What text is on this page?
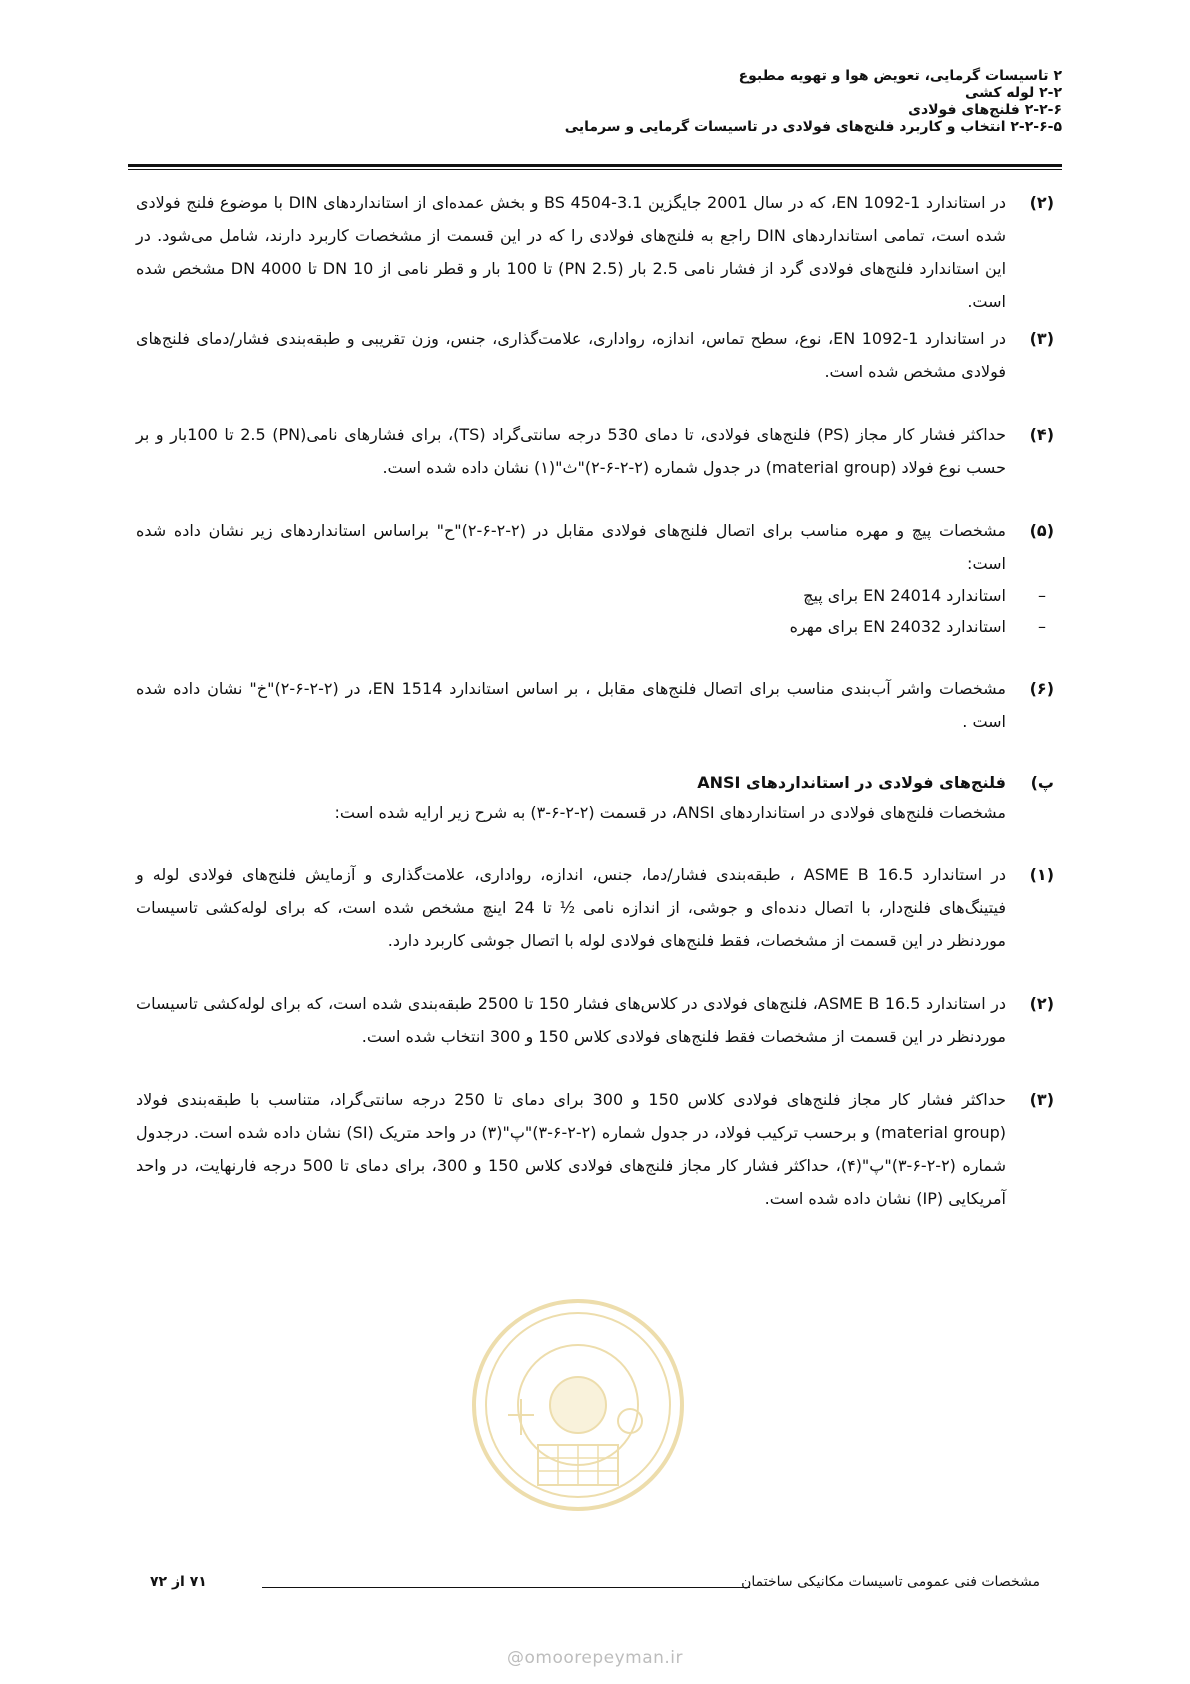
۲ تاسیسات گرمایی، تعویض هوا و تهویه مطبوع
۲-۲ لوله کشی
۲-۲-۶ فلنج‌های فولادی
۲-۲-۶-۵ انتخاب و کاربرد فلنج‌های فولادی در تاسیسات گرمایی و سرمایی
(۲)
در استاندارد EN 1092-1، که در سال 2001 جایگزین BS 4504-3.1 و بخش عمده‌ای از استانداردهای DIN با موضوع فلنج فولادی شده است، تمامی استانداردهای DIN راجع به فلنج‌های فولادی را که در این قسمت از مشخصات کاربرد دارند، شامل می‌شود. در این استاندارد فلنج‌های فولادی گرد از فشار نامی 2.5 بار (PN 2.5) تا 100 بار و قطر نامی از DN 10 تا DN 4000 مشخص شده است.
(۳)
در استاندارد EN 1092-1، نوع، سطح تماس، اندازه، رواداری، علامت‌گذاری، جنس، وزن تقریبی و طبقه‌بندی فشار/دمای فلنج‌های فولادی مشخص شده است.
(۴)
حداکثر فشار کار مجاز (PS) فلنج‌های فولادی، تا دمای 530 درجه سانتی‌گراد (TS)، برای فشارهای نامی(PN) 2.5 تا 100بار و بر حسب نوع فولاد (material group) در جدول شماره (۲-۲-۶-۲)"ث"(۱) نشان داده شده است.
(۵)
مشخصات پیچ و مهره مناسب برای اتصال فلنج‌های فولادی مقابل در (۲-۲-۶-۲)"ح" براساس استانداردهای زیر نشان داده شده است:
–
استاندارد EN 24014 برای پیچ
–
استاندارد EN 24032 برای مهره
(۶)
مشخصات واشر آب‌بندی مناسب برای اتصال فلنج‌های مقابل ، بر اساس استاندارد EN 1514، در (۲-۲-۶-۲)"خ" نشان داده شده است .
پ)
فلنج‌های فولادی در استانداردهای ANSI
مشخصات فلنج‌های فولادی در استانداردهای ANSI، در قسمت (۲-۲-۶-۳) به شرح زیر ارایه شده است:
(۱)
در استاندارد ASME B 16.5 ، طبقه‌بندی فشار/دما، جنس، اندازه، رواداری، علامت‌گذاری و آزمایش فلنج‌های فولادی لوله و فیتینگ‌های فلنج‌دار، با اتصال دنده‌ای و جوشی، از اندازه نامی ½ تا 24 اینچ مشخص شده است، که برای لوله‌کشی تاسیسات موردنظر در این قسمت از مشخصات، فقط فلنج‌های فولادی لوله با اتصال جوشی کاربرد دارد.
(۲)
در استاندارد ASME B 16.5، فلنج‌های فولادی در کلاس‌های فشار 150 تا 2500 طبقه‌بندی شده است، که برای لوله‌کشی تاسیسات موردنظر در این قسمت از مشخصات فقط فلنج‌های فولادی کلاس 150 و 300 انتخاب شده است.
(۳)
حداکثر فشار کار مجاز فلنج‌های فولادی کلاس 150 و 300 برای دمای تا 250 درجه سانتی‌گراد، متناسب با طبقه‌بندی فولاد (material group) و برحسب ترکیب فولاد، در جدول شماره (۲-۲-۶-۳)"پ"(۳) در واحد متریک (SI) نشان داده شده است. درجدول شماره (۲-۲-۶-۳)"پ"(۴)، حداکثر فشار کار مجاز فلنج‌های فولادی کلاس 150 و 300، برای دمای تا 500 درجه فارنهایت، در واحد آمریکایی (IP) نشان داده شده است.
مشخصات فنی عمومی تاسیسات مکانیکی ساختمان
۷۱ از ۷۲
@omoorepeyman.ir
